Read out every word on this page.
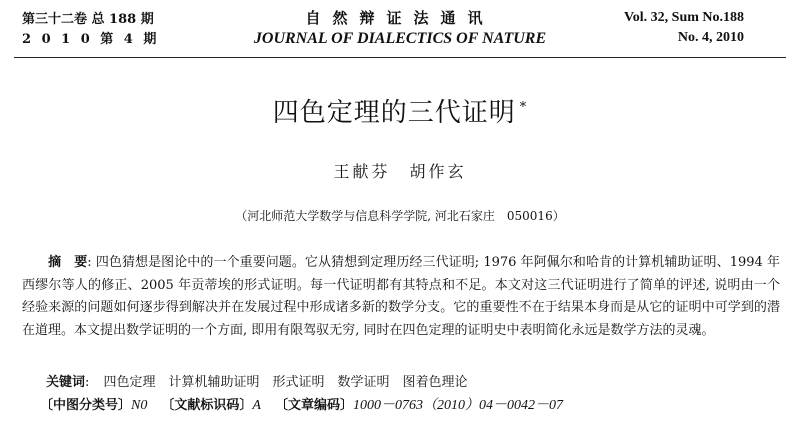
第三十二卷 总 188 期
2 0 1 0 第 4 期
自然辩证法通讯
JOURNAL OF DIALECTICS OF NATURE
Vol. 32, Sum No.188
No. 4, 2010
四色定理的三代证明 *
王献芬　胡作玄
（河北师范大学数学与信息科学学院, 河北石家庄　050016）
摘　要: 四色猜想是图论中的一个重要问题。它从猜想到定理历经三代证明; 1976 年阿佩尔和哈肯的计算机辅助证明、1994 年西缪尔等人的修正、2005 年贡蒂埃的形式证明。每一代证明都有其特点和不足。本文对这三代证明进行了简单的评述, 说明由一个经验来源的问题如何逐步得到解决并在发展过程中形成诸多新的数学分支。它的重要性不在于结果本身而是从它的证明中可学到的潜在道理。本文提出数学证明的一个方面, 即用有限驾驭无穷, 同时在四色定理的证明史中表明简化永远是数学方法的灵魂。
关键词: 四色定理　计算机辅助证明　形式证明　数学证明　图着色理论
〔中图分类号〕N0 〔文献标识码〕A 〔文章编码〕1000－0763（2010）04－0042－07
